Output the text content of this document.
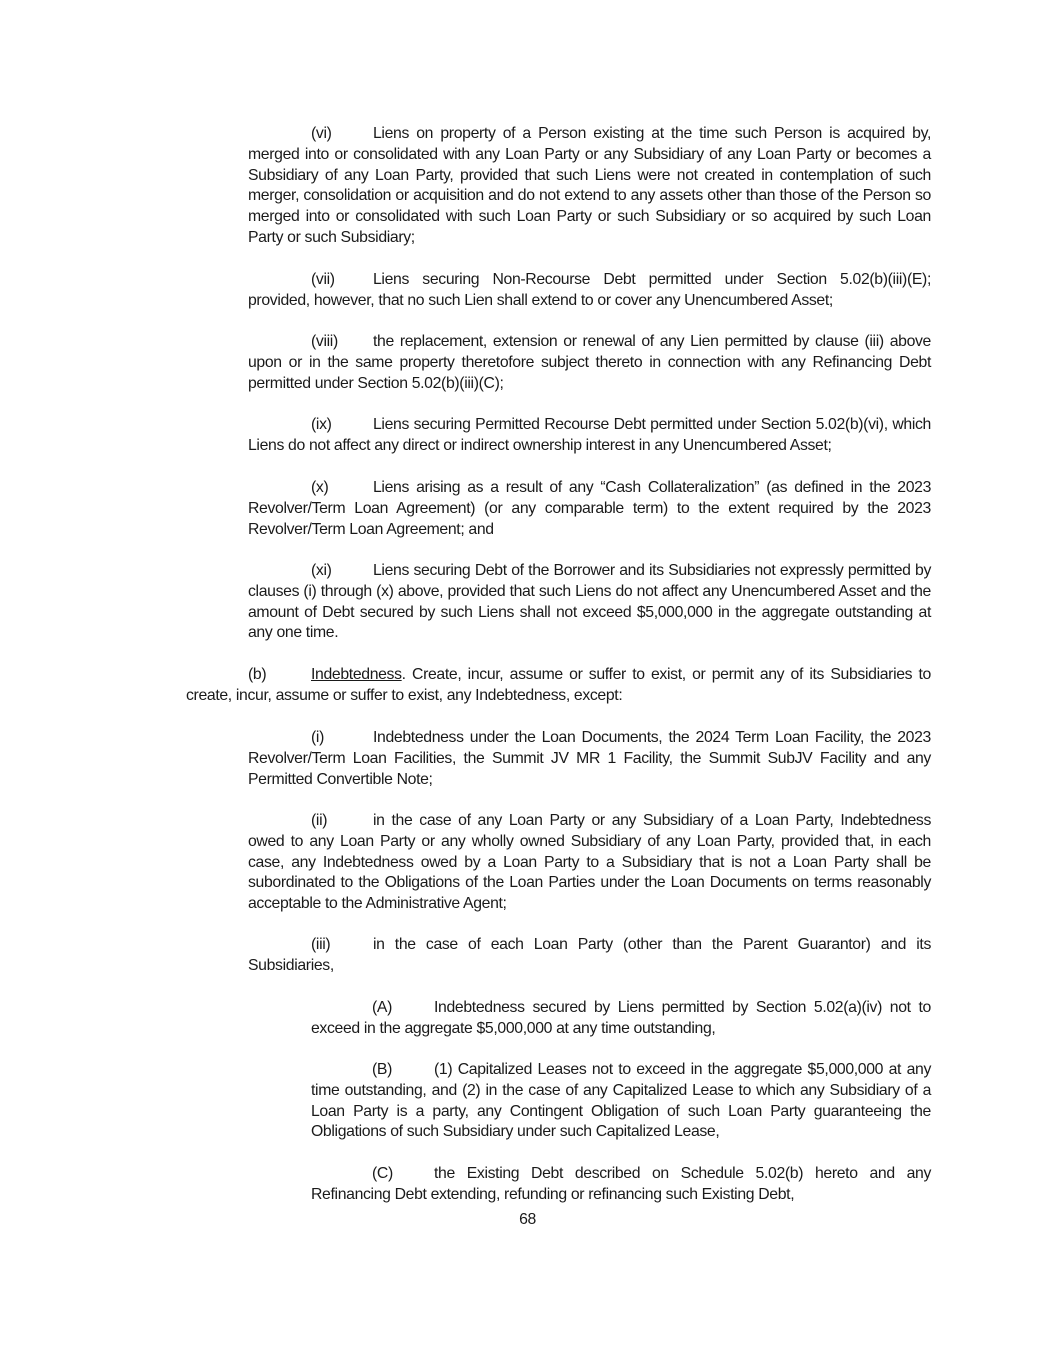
(vi)	Liens on property of a Person existing at the time such Person is acquired by, merged into or consolidated with any Loan Party or any Subsidiary of any Loan Party or becomes a Subsidiary of any Loan Party, provided that such Liens were not created in contemplation of such merger, consolidation or acquisition and do not extend to any assets other than those of the Person so merged into or consolidated with such Loan Party or such Subsidiary or so acquired by such Loan Party or such Subsidiary;

(vii) Liens securing Non-Recourse Debt permitted under Section 5.02(b)(iii)(E); provided, however, that no such Lien shall extend to or cover any Unencumbered Asset;

(viii) the replacement, extension or renewal of any Lien permitted by clause (iii) above upon or in the same property theretofore subject thereto in connection with any Refinancing Debt permitted under Section 5.02(b)(iii)(C);

(ix)	Liens securing Permitted Recourse Debt permitted under Section 5.02(b)(vi), which Liens do not affect any direct or indirect ownership interest in any Unencumbered Asset;

(x)	Liens arising as a result of any “Cash Collateralization” (as defined in the 2023 Revolver/Term Loan Agreement) (or any comparable term) to the extent required by the 2023 Revolver/Term Loan Agreement; and

(xi)	Liens securing Debt of the Borrower and its Subsidiaries not expressly permitted by clauses (i) through (x) above, provided that such Liens do not affect any Unencumbered Asset and the amount of Debt secured by such Liens shall not exceed $5,000,000 in the aggregate outstanding at any one time.

(b)	Indebtedness. Create, incur, assume or suffer to exist, or permit any of its Subsidiaries to create, incur, assume or suffer to exist, any Indebtedness, except:

(i)	Indebtedness under the Loan Documents, the 2024 Term Loan Facility, the 2023 Revolver/Term Loan Facilities, the Summit JV MR 1 Facility, the Summit SubJV Facility and any Permitted Convertible Note;

(ii)	in the case of any Loan Party or any Subsidiary of a Loan Party, Indebtedness owed to any Loan Party or any wholly owned Subsidiary of any Loan Party, provided that, in each case, any Indebtedness owed by a Loan Party to a Subsidiary that is not a Loan Party shall be subordinated to the Obligations of the Loan Parties under the Loan Documents on terms reasonably acceptable to the Administrative Agent;

(iii)	in the case of each Loan Party (other than the Parent Guarantor) and its Subsidiaries,

(A)	Indebtedness secured by Liens permitted by Section 5.02(a)(iv) not to exceed in the aggregate $5,000,000 at any time outstanding,

(B)	(1) Capitalized Leases not to exceed in the aggregate $5,000,000 at any time outstanding, and (2) in the case of any Capitalized Lease to which any Subsidiary of a Loan Party is a party, any Contingent Obligation of such Loan Party guaranteeing the Obligations of such Subsidiary under such Capitalized Lease,

(C)	the Existing Debt described on Schedule 5.02(b) hereto and any Refinancing Debt extending, refunding or refinancing such Existing Debt,

68
